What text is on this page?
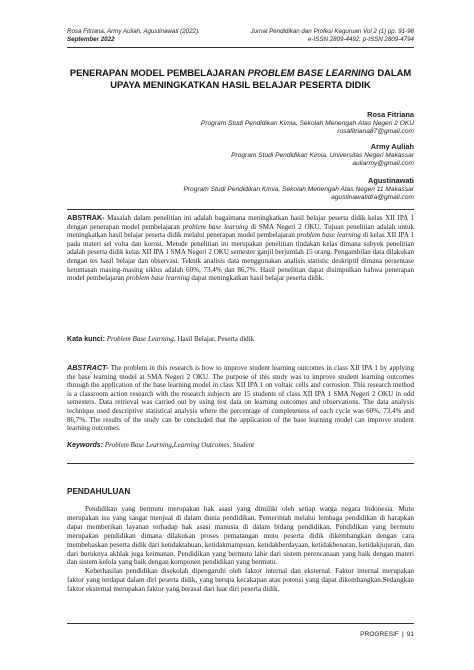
Rosa Fitriana, Army Auliah, Agustinawati (2022).
September 2022
Jurnal Pendidikan dan Profesi Keguruan Vol 2 (1) pp. 91-98
e-ISSN 2809-4492, p-ISSN 2809-4794
PENERAPAN MODEL PEMBELAJARAN PROBLEM BASE LEARNING DALAM
UPAYA MENINGKATKAN HASIL BELAJAR PESERTA DIDIK
Rosa Fitriana
Program Studi Pendidikan Kimia, Sekolah Menengah Atas Negeri 2 OKU
rosafitriana87@gmail.com
Army Auliah
Program Studi Pendidikan Kimia, Universitas Negeri Makassar
auliarmy@gmail.com
Agustinawati
Program Studi Pendidikan Kimia, Sekolah Menengah Atas Negeri 11 Makassar
agustinawatidra@gmail.com
ABSTRAK- Masalah dalam penelitian ini adalah bagaimana meningkatkan hasil belajar peserta didik kelas XII IPA 1 dengan penerapan model pembelajaran problem base learning di SMA Negeri 2 OKU. Tujuan penelitian adalah untuk meningkatkan hasil belajar peserta didik melalui penerapan model pembelajaran problem base learning di kelas XII IPA 1 pada materi sel volta dan korosi. Metode penelitian ini merupakan penelitian tindakan kelas dimana subyek penelitian adalah peserta didik kelas XII IPA 1 SMA Negeri 2 OKU semester ganjil berjumlah 15 orang. Pengambilan data dilakukan dengan tes hasil belajar dan observasi. Teknik analisis data menggunakan analisis statistic deskriptif dimana persentase ketuntasan masing-masing siklus adalah 60%, 73,4% dan 86,7%. Hasil penelitian dapat disimpulkan bahwa penerapan model pembelajaran problem base learning dapat meningkatkan hasil belajar peserta didik.
Kata kunci: Problem Base Learning, Hasil Belajar, Peserta didik
ABSTRACT- The problem in this research is how to improve student learning outcomes in class XII IPA 1 by applying the base learning model at SMA Negeri 2 OKU. The purpose of this study was to improve student learning outcomes through the application of the base learning model in class XII IPA 1 on voltaic cells and corrosion. This research method is a classroom action research with the research subjects are 15 students of class XII IPA 1 SMA Negeri 2 OKU in odd semesters. Data retrieval was carried out by using test data on learning outcomes and observations. The data analysis technique used descriptive statistical analysis where the percentage of completeness of each cycle was 60%, 73,4% and 86,7%. The results of the study can be concluded that the application of the base learning model can improve student learning outcomes.
Keywords: Problem Base Learning,Learning Outcomes, Student
PENDAHULUAN

Pendidikan yang bermutu merupakan hak asasi yang dimiliki oleh setiap warga negara Indonesia. Mutu merupakan isu yang sangat menjual di dalam dunia pendidikan. Pemerintah melalui lembaga pendidikan di harapkan dapat memberikan layanan terhadap hak asasi manusia di dalam bidang pendidikan. Pendidikan yang bermutu merupakan pendidikan dimana dilakukan proses pematangan mutu peserta didik dikembangkan dengan cara membebaskan peserta didik dari ketidaktahuan, ketidakmampuan, ketidakberdayaan, ketidakbenaran, ketidakjujuran, dan dari buruknya akhlak juga keimanan. Pendidikan yang bermutu lahir dari sistem perencanaan yang baik dengan materi dan sistem kelola yang baik dengan komponen pendidikan yang bermutu.

Keberhasilan pendidikan disekolah dipengaruhi oleh faktor internal dan eksternal. Faktor internal merupakan faktor yang terdapat dalam diri peserta didik, yang berupa kecakapan atau potensi yang dapat dikembangkan.Sedangkan faktor eksternal merupakan faktor yang berasal dari luar diri peserta didik.

PROGRESIF | 91
